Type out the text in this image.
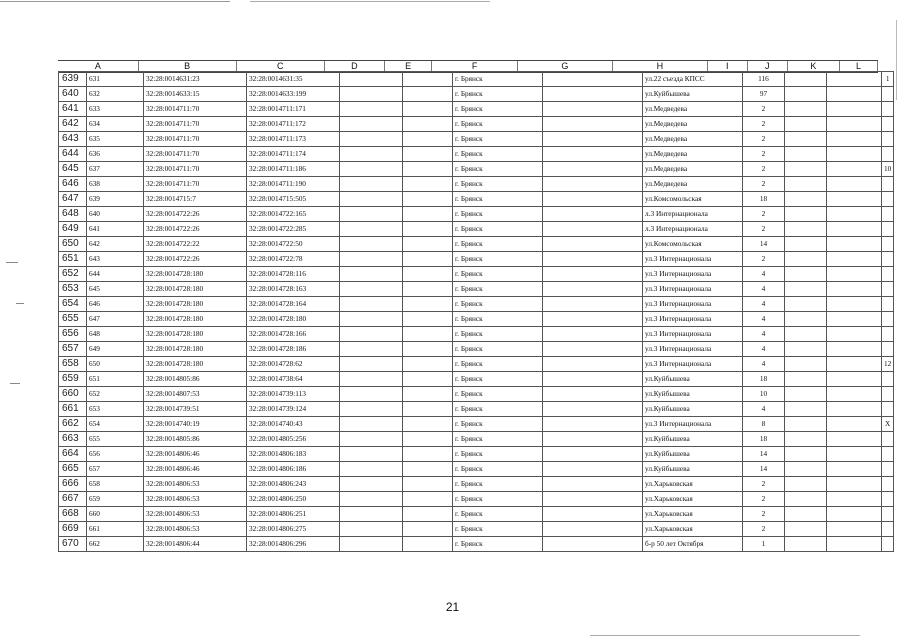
A	B	C	D	E	F	G	H	I	J	K	L
639	631	32:28:0014631:23	32:28:0014631:35			г. Брянск		ул.22 съезда КПСС	116			1
640	632	32:28:0014633:15	32:28:0014633:199			г. Брянск		ул.Куйбышева	97			
641	633	32:28:0014711:70	32:28:0014711:171			г. Брянск		ул.Медведева	2			
642	634	32:28:0014711:70	32:28:0014711:172			г. Брянск		ул.Медведева	2			
643	635	32:28:0014711:70	32:28:0014711:173			г. Брянск		ул.Медведева	2			
644	636	32:28:0014711:70	32:28:0014711:174			г. Брянск		ул.Медведева	2			
645	637	32:28:0014711:70	32:28:0014711:186			г. Брянск		ул.Медведева	2			10
646	638	32:28:0014711:70	32:28:0014711:190			г. Брянск		ул.Медведева	2			
647	639	32:28:0014715:7	32:28:0014715:505			г. Брянск		ул.Комсомольская	18			
648	640	32:28:0014722:26	32:28:0014722:165			г. Брянск		л.3 Интернационала	2			
649	641	32:28:0014722:26	32:28:0014722:285			г. Брянск		л.3 Интернационала	2			
650	642	32:28:0014722:22	32:28:0014722:50			г. Брянск		ул.Комсомольская	14			
651	643	32:28:0014722:26	32:28:0014722:78			г. Брянск		ул.3 Интернационала	2			
652	644	32:28:0014728:180	32:28:0014728:116			г. Брянск		ул.3 Интернационала	4			
653	645	32:28:0014728:180	32:28:0014728:163			г. Брянск		ул.3 Интернационала	4			
654	646	32:28:0014728:180	32:28:0014728:164			г. Брянск		ул.3 Интернационала	4			
655	647	32:28:0014728:180	32:28:0014728:180			г. Брянск		ул.3 Интернационала	4			
656	648	32:28:0014728:180	32:28:0014728:166			г. Брянск		ул.3 Интернационала	4			
657	649	32:28:0014728:180	32:28:0014728:186			г. Брянск		ул.3 Интернационала	4			
658	650	32:28:0014728:180	32:28:0014728:62			г. Брянск		ул.3 Интернационала	4			12
659	651	32:28:0014805:86	32:28:0014738:64			г. Брянск		ул.Куйбышева	18			
660	652	32:28:0014807:53	32:28:0014739:113			г. Брянск		ул.Куйбышева	10			
661	653	32:28:0014739:51	32:28:0014739:124			г. Брянск		ул.Куйбышева	4			
662	654	32:28:0014740:19	32:28:0014740:43			г. Брянск		ул.3 Интернационала	8			X
663	655	32:28:0014805:86	32:28:0014805:256			г. Брянск		ул.Куйбышева	18			
664	656	32:28:0014806:46	32:28:0014806:183			г. Брянск		ул.Куйбышева	14			
665	657	32:28:0014806:46	32:28:0014806:186			г. Брянск		ул.Куйбышева	14			
666	658	32:28:0014806:53	32:28:0014806:243			г. Брянск		ул.Харьковская	2			
667	659	32:28:0014806:53	32:28:0014806:250			г. Брянск		ул.Харьковская	2			
668	660	32:28:0014806:53	32:28:0014806:251			г. Брянск		ул.Харьковская	2			
669	661	32:28:0014806:53	32:28:0014806:275			г. Брянск		ул.Харьковская	2			
670	662	32:28:0014806:44	32:28:0014806:296			г. Брянск		б-р 50 лет Октября	1			
21
